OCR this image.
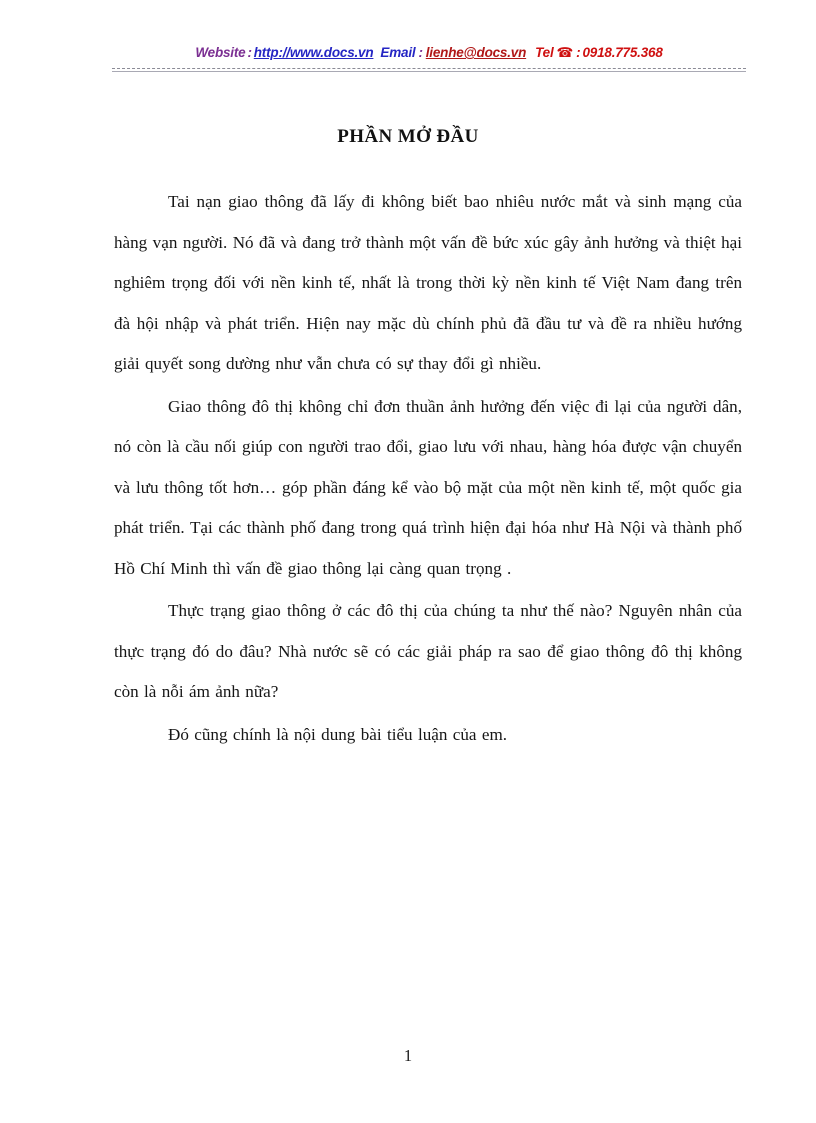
Website : http://www.docs.vn Email : lienhe@docs.vn Tel ☎ : 0918.775.368
PHẦN MỞ ĐẦU

Tai nạn giao thông đã lấy đi không biết bao nhiêu nước mắt và sinh mạng của hàng vạn người. Nó đã và đang trở thành một vấn đề bức xúc gây ảnh hưởng và thiệt hại nghiêm trọng đối với nền kinh tế, nhất là trong thời kỳ nền kinh tế Việt Nam đang trên đà hội nhập và phát triển. Hiện nay mặc dù chính phủ đã đầu tư và đề ra nhiều hướng giải quyết song dường như vẫn chưa có sự thay đổi gì nhiều.

Giao thông đô thị không chỉ đơn thuần ảnh hưởng đến việc đi lại của người dân, nó còn là cầu nối giúp con người trao đổi, giao lưu với nhau, hàng hóa được vận chuyển và lưu thông tốt hơn… góp phần đáng kể vào bộ mặt của một nền kinh tế, một quốc gia phát triển. Tại các thành phố đang trong quá trình hiện đại hóa như Hà Nội và thành phố Hồ Chí Minh thì vấn đề giao thông lại càng quan trọng .

Thực trạng giao thông ở các đô thị của chúng ta như thế nào? Nguyên nhân của thực trạng đó do đâu? Nhà nước sẽ có các giải pháp ra sao để giao thông đô thị không còn là nỗi ám ảnh nữa?

Đó cũng chính là nội dung bài tiểu luận của em.

1
